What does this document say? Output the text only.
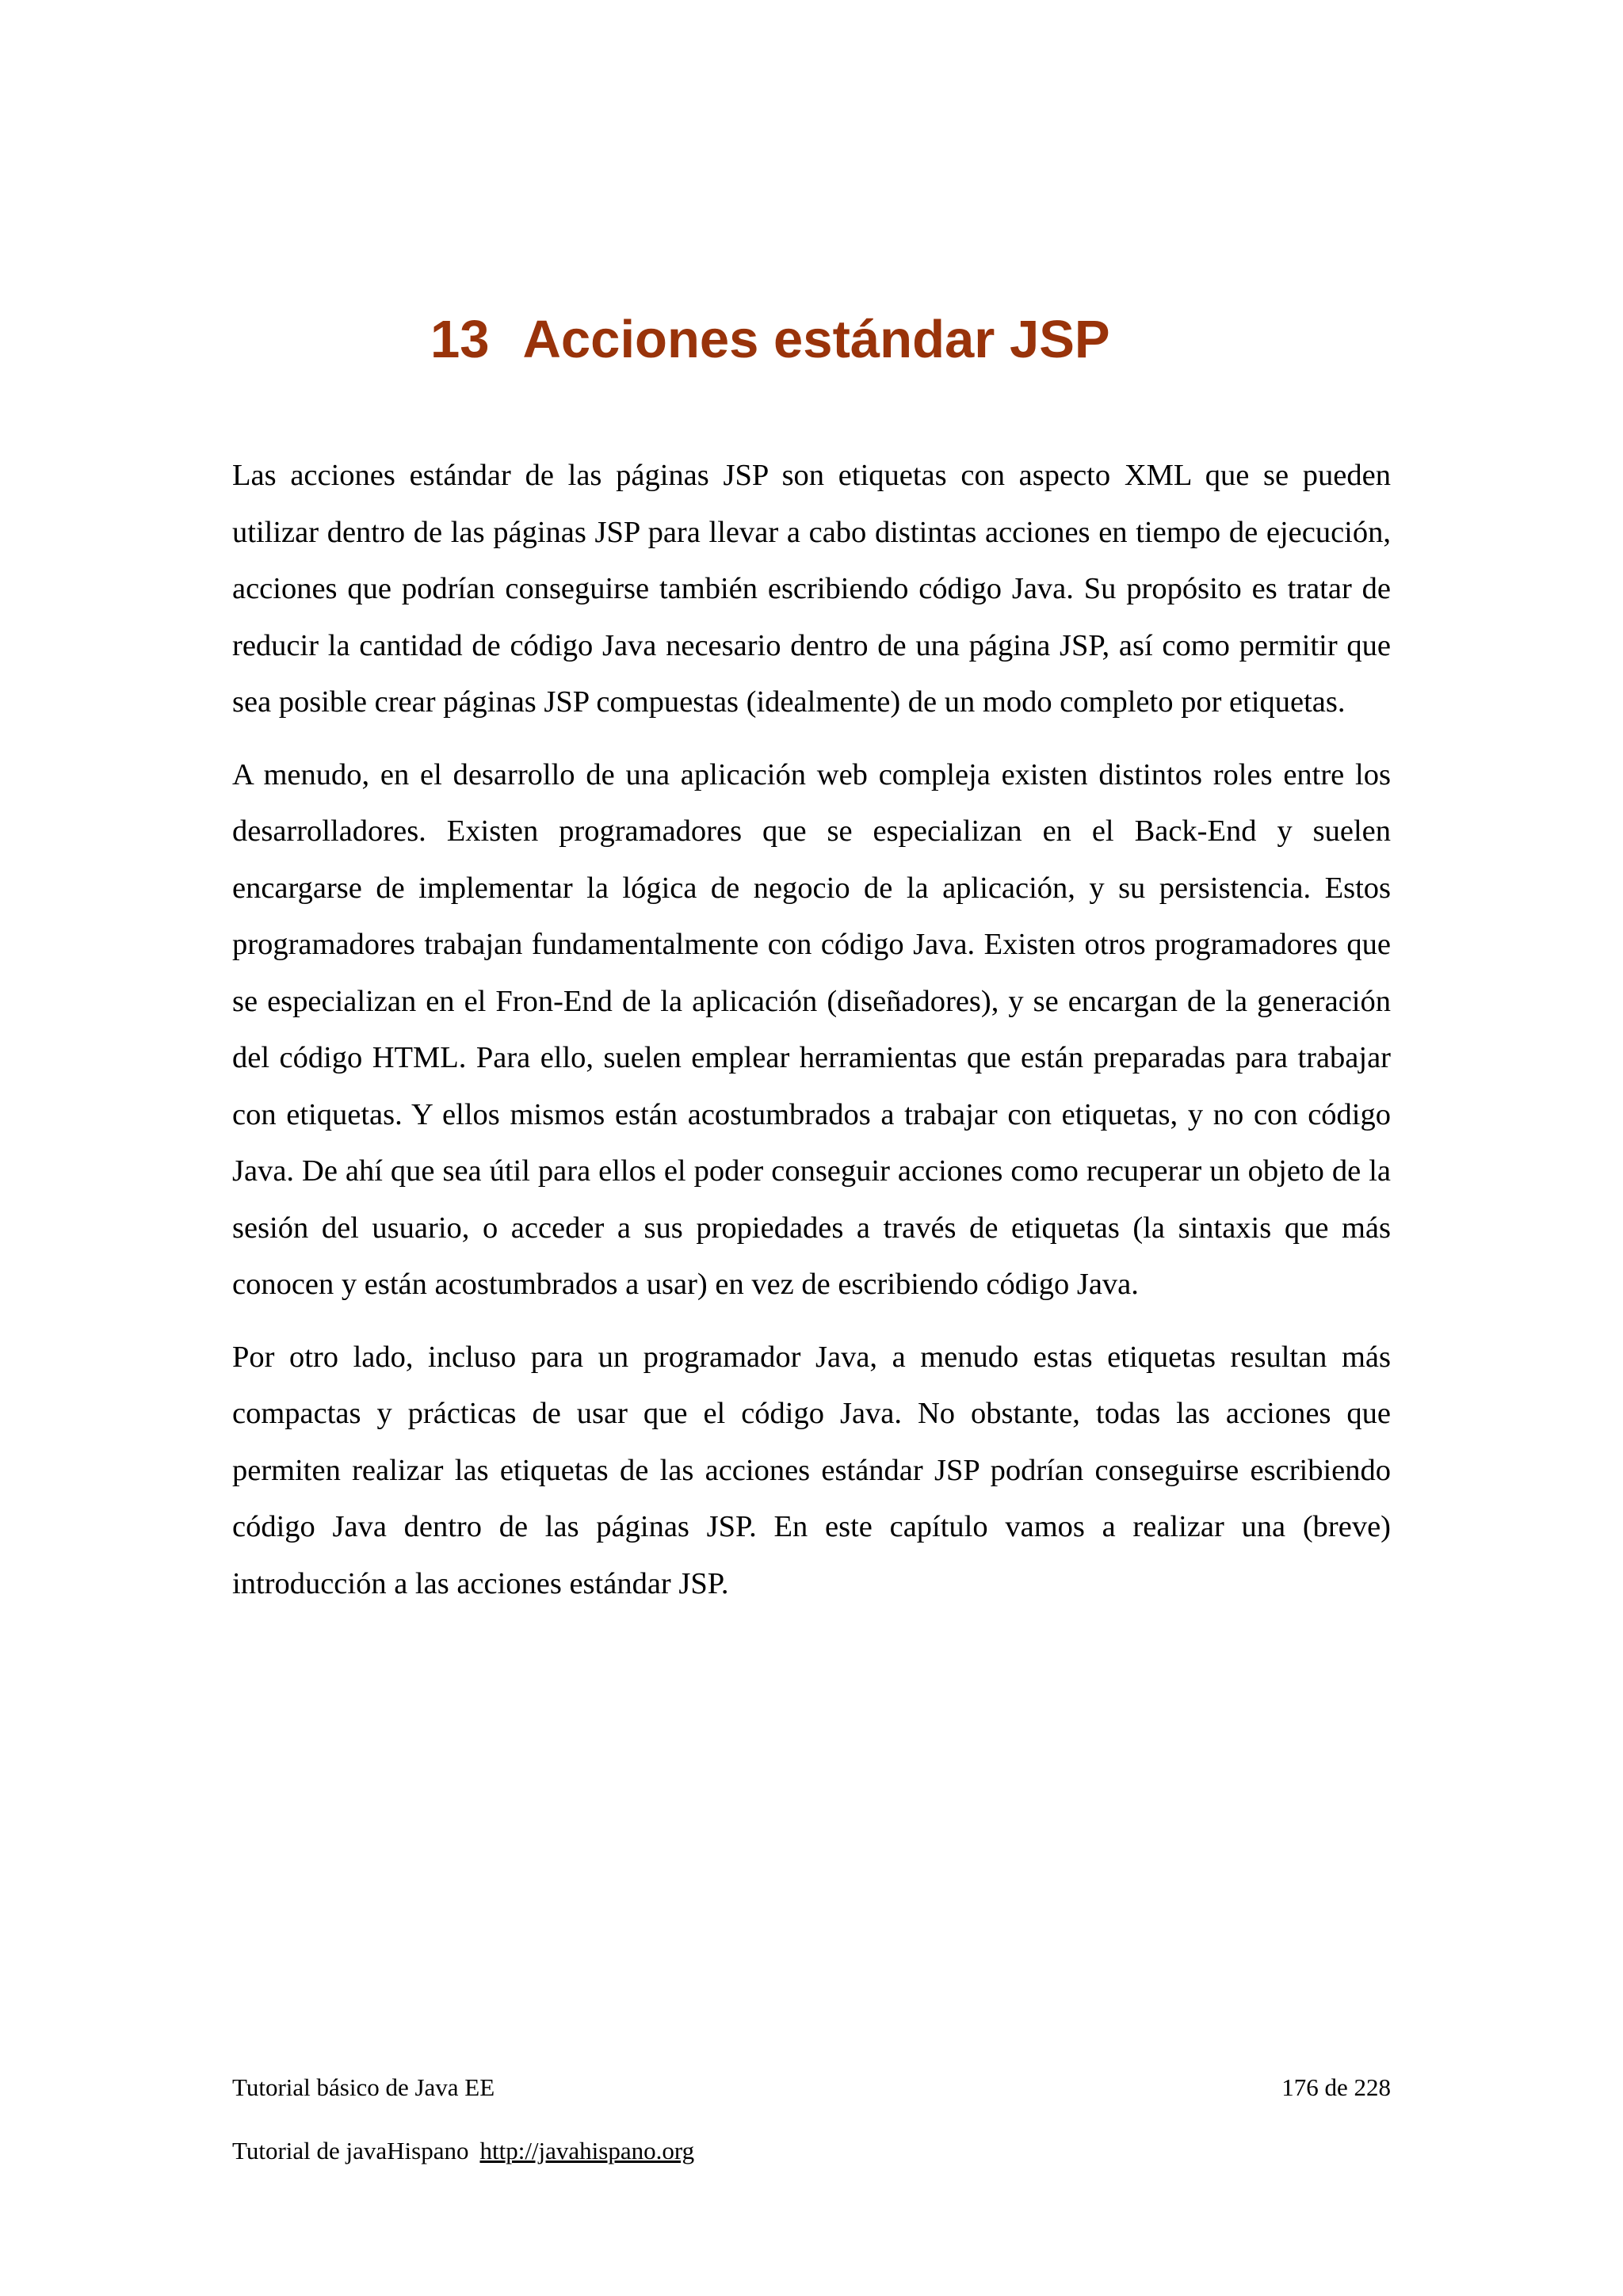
13 Acciones estándar JSP

Las acciones estándar de las páginas JSP son etiquetas con aspecto XML que se pueden utilizar dentro de las páginas JSP para llevar a cabo distintas acciones en tiempo de ejecución, acciones que podrían conseguirse también escribiendo código Java. Su propósito es tratar de reducir la cantidad de código Java necesario dentro de una página JSP, así como permitir que sea posible crear páginas JSP compuestas (idealmente) de un modo completo por etiquetas.

A menudo, en el desarrollo de una aplicación web compleja existen distintos roles entre los desarrolladores. Existen programadores que se especializan en el Back-End y suelen encargarse de implementar la lógica de negocio de la aplicación, y su persistencia. Estos programadores trabajan fundamentalmente con código Java. Existen otros programadores que se especializan en el Fron-End de la aplicación (diseñadores), y se encargan de la generación del código HTML. Para ello, suelen emplear herramientas que están preparadas para trabajar con etiquetas. Y ellos mismos están acostumbrados a trabajar con etiquetas, y no con código Java. De ahí que sea útil para ellos el poder conseguir acciones como recuperar un objeto de la sesión del usuario, o acceder a sus propiedades a través de etiquetas (la sintaxis que más conocen y están acostumbrados a usar) en vez de escribiendo código Java.

Por otro lado, incluso para un programador Java, a menudo estas etiquetas resultan más compactas y prácticas de usar que el código Java. No obstante, todas las acciones que permiten realizar las etiquetas de las acciones estándar JSP podrían conseguirse escribiendo código Java dentro de las páginas JSP. En este capítulo vamos a realizar una (breve) introducción a las acciones estándar JSP.

Tutorial básico de Java EE	176 de 228
Tutorial de javaHispano http://javahispano.org
